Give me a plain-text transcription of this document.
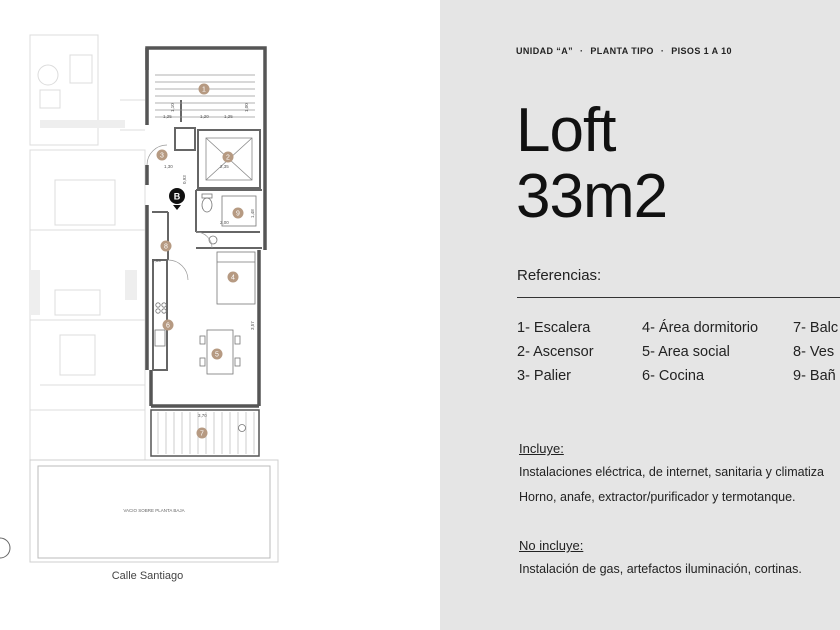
VACIO SOBRE PLANTA BAJA
1,10	1,00
1,25	1,25
1,30
1,20
2,35
2,00
3,70
3,57
1,48
0,93
0,85
1
2
3
4
5
6
7
8
9
B
Calle Santiago
UNIDAD “A” · PLANTA TIPO · PISOS 1 A 10
Loft
33m2
Referencias:
1- Escalera
2- Ascensor
3- Palier
4- Área dormitorio
5- Area social
6- Cocina
7- Balc
8- Ves
9- Bañ
Incluye:
Instalaciones eléctrica, de internet, sanitaria y climatiza
Horno, anafe, extractor/purificador y termotanque.
No incluye:
Instalación de gas, artefactos iluminación, cortinas.
